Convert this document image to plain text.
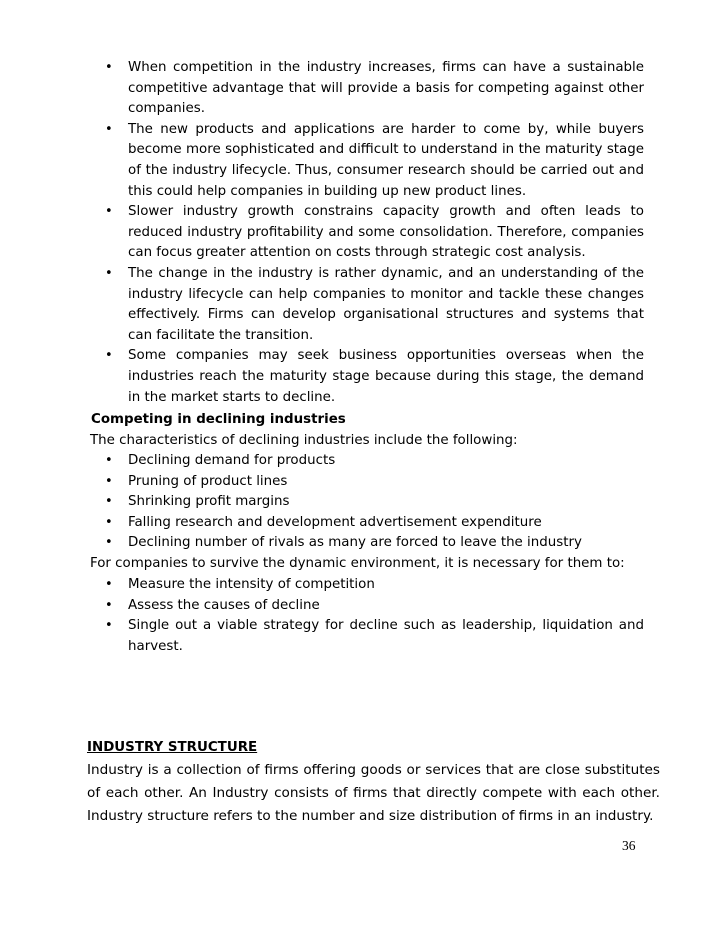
• When competition in the industry increases, firms can have a sustainable competitive advantage that will provide a basis for competing against other companies.
• The new products and applications are harder to come by, while buyers become more sophisticated and difficult to understand in the maturity stage of the industry lifecycle. Thus, consumer research should be carried out and this could help companies in building up new product lines.
• Slower industry growth constrains capacity growth and often leads to reduced industry profitability and some consolidation. Therefore, companies can focus greater attention on costs through strategic cost analysis.
• The change in the industry is rather dynamic, and an understanding of the industry lifecycle can help companies to monitor and tackle these changes effectively. Firms can develop organisational structures and systems that can facilitate the transition.
• Some companies may seek business opportunities overseas when the industries reach the maturity stage because during this stage, the demand in the market starts to decline.
Competing in declining industries
The characteristics of declining industries include the following:
• Declining demand for products
• Pruning of product lines
• Shrinking profit margins
• Falling research and development advertisement expenditure
• Declining number of rivals as many are forced to leave the industry
For companies to survive the dynamic environment, it is necessary for them to:
• Measure the intensity of competition
• Assess the causes of decline
• Single out a viable strategy for decline such as leadership, liquidation and harvest.
INDUSTRY STRUCTURE
Industry is a collection of firms offering goods or services that are close substitutes of each other. An Industry consists of firms that directly compete with each other. Industry structure refers to the number and size distribution of firms in an industry.
36
